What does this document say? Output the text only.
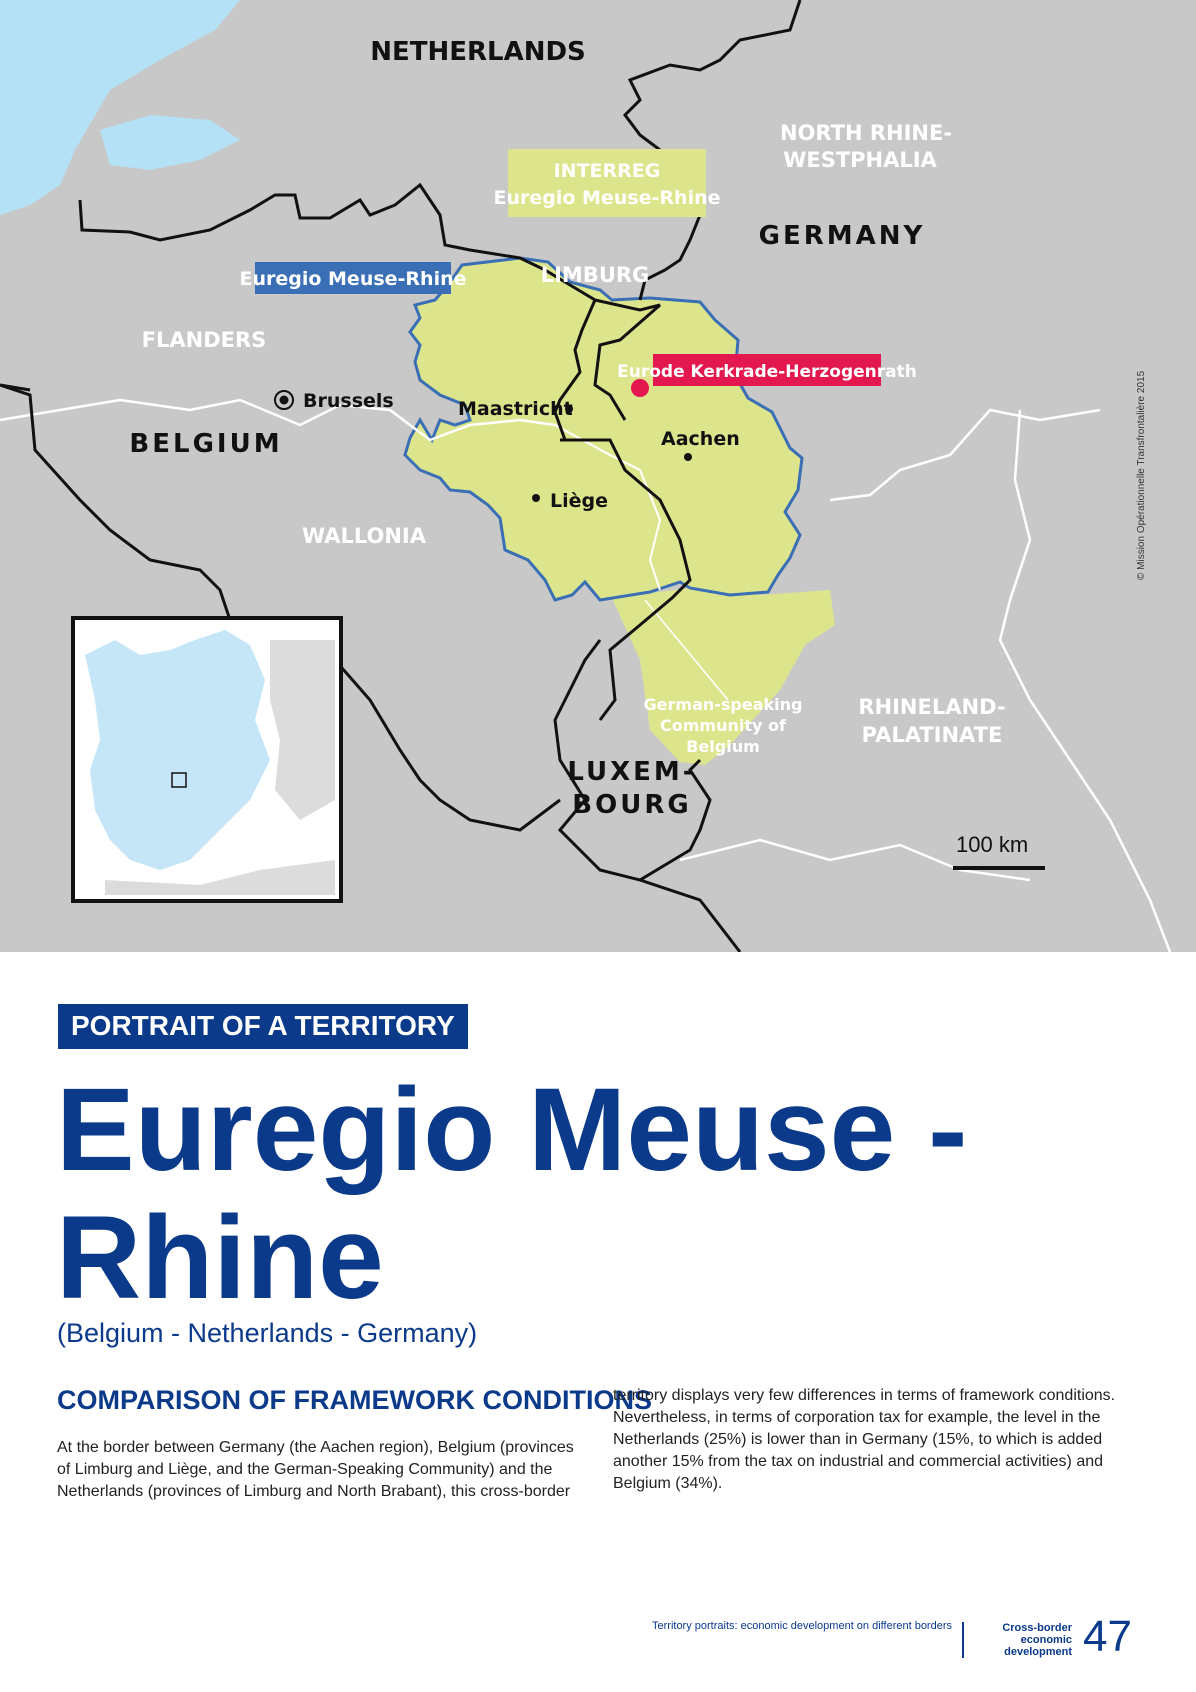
100 km
INTERREG
Euregio Meuse-Rhine
Euregio Meuse-Rhine
Eurode Kerkrade-Herzogenrath
NETHERLANDS
GERMANY
BELGIUM
LUXEM-
BOURG
NORTH RHINE-
WESTPHALIA
FLANDERS
WALLONIA
LIMBURG
RHINELAND-
PALATINATE
German-speaking
Community of
Belgium
Brussels	Maastricht
Aachen
Liège	© Mission Opérationnelle Transfrontalière 2015
PORTRAIT OF A TERRITORY
Euregio Meuse - Rhine
(Belgium - Netherlands - Germany)
COMPARISON OF FRAMEWORK CONDITIONS

At the border between Germany (the Aachen region), Belgium (provinces of Limburg and Liège, and the German-Speaking Community) and the Netherlands (provinces of Limburg and North Brabant), this cross-border

territory displays very few differences in terms of framework conditions. Nevertheless, in terms of corporation tax for example, the level in the Netherlands (25%) is lower than in Germany (15%, to which is added another 15% from the tax on industrial and commercial activities) and Belgium (34%).

Territory portraits: economic development on different borders	Cross-border economic development 47
